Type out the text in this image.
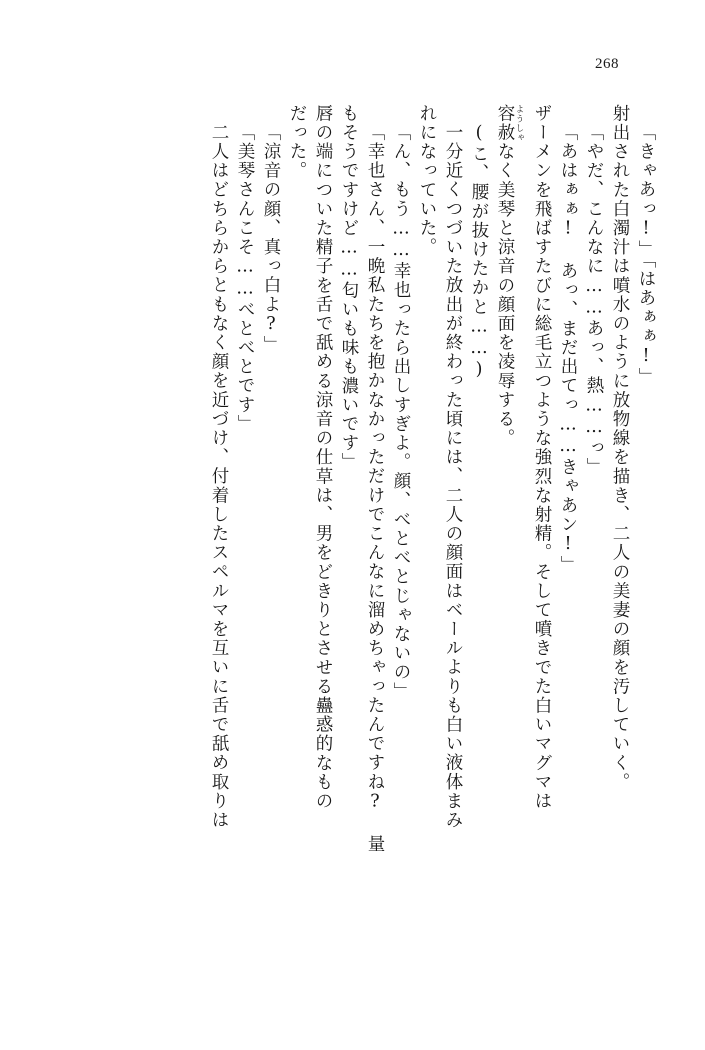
268
「きゃあっ!」「はあぁぁ!」
射出された白濁汁は噴水のように放物線を描き、二人の美妻の顔を汚していく。
「やだ、こんなに……あっ、熱……っ」
「あはぁぁ! あっ、まだ出てっ……きゃあン!」
ザーメンを飛ばすたびに総毛立つような強烈な射精。そして噴きでた白いマグマは
容赦 ようしゃなく美琴と涼音の顔面を凌辱する。
(こ、腰が抜けたかと……)
一分近くつづいた放出が終わった頃には、二人の顔面はベールよりも白い液体まみ
れになっていた。
「ん、もう……幸也ったら出しすぎよ。顔、べとべとじゃないの」
「幸也さん、一晩私たちを抱かなかっただけでこんなに溜めちゃったんですね? 量
もそうですけど……匂いも味も濃いです」
唇の端についた精子を舌で舐める涼音の仕草は、男をどきりとさせる蠱惑的なもの
だった。
「涼音の顔、真っ白よ?」
「美琴さんこそ……べとべとです」
二人はどちらからともなく顔を近づけ、付着したスペルマを互いに舌で舐め取りは
